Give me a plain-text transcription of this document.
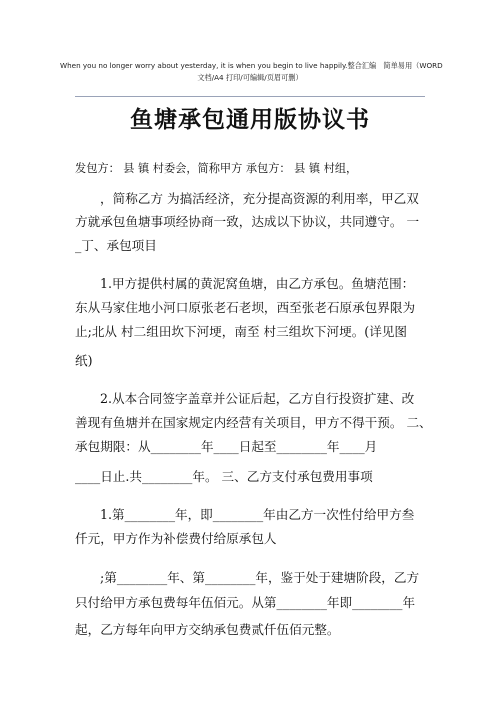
When you no longer worry about yesterday, it is when you begin to live happily.整合汇编　简单易用（WORD
文档/A4 打印/可编辑/页眉可删）
鱼塘承包通用版协议书
发包方： 县 镇 村委会，简称甲方 承包方： 县 镇 村组，
，简称乙方 为搞活经济，充分提高资源的利用率，甲乙双
方就承包鱼塘事项经协商一致，达成以下协议，共同遵守。 一
_丁、承包项目
1.甲方提供村属的黄泥窝鱼塘，由乙方承包。鱼塘范围：
东从马家住地小河口原张老石老坝，西至张老石原承包界限为
止;北从 村二组田坎下河埂，南至 村三组坎下河埂。(详见图
纸)
2.从本合同签字盖章并公证后起，乙方自行投资扩建、改
善现有鱼塘并在国家规定内经营有关项目，甲方不得干预。 二、
承包期限：从________年____日起至________年____月
____日止.共________年。 三、乙方支付承包费用事项
1.第________年，即________年由乙方一次性付给甲方叁
仟元，甲方作为补偿费付给原承包人
;第________年、第________年，鉴于处于建塘阶段，乙方
只付给甲方承包费每年伍佰元。从第________年即________年
起，乙方每年向甲方交纳承包费贰仟伍佰元整。
